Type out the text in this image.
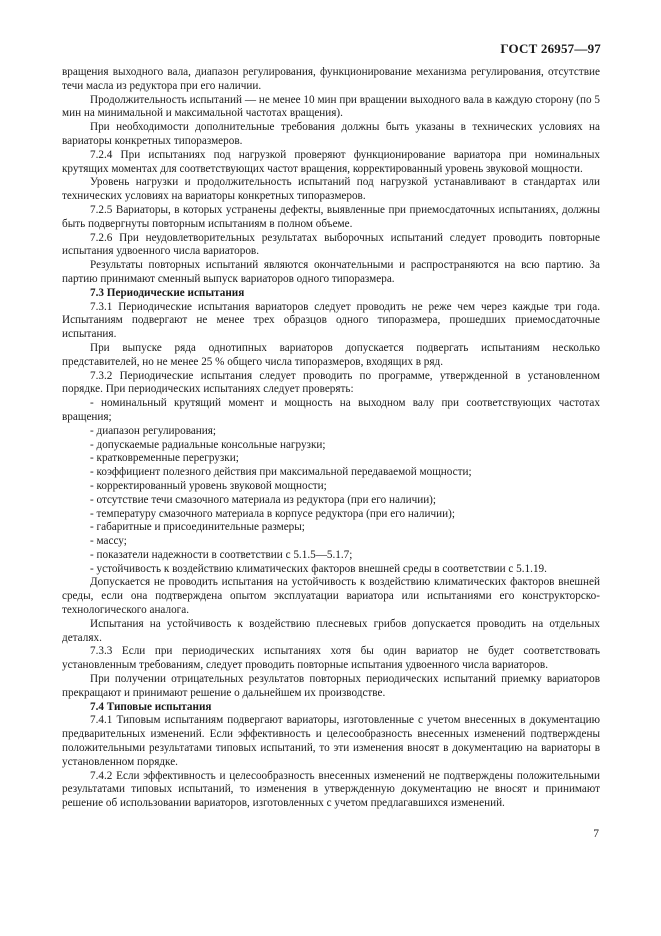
ГОСТ 26957—97

вращения выходного вала, диапазон регулирования, функционирование механизма регулирования, отсутствие течи масла из редуктора при его наличии.

Продолжительность испытаний — не менее 10 мин при вращении выходного вала в каждую сторону (по 5 мин на минимальной и максимальной частотах вращения).

При необходимости дополнительные требования должны быть указаны в технических условиях на вариаторы конкретных типоразмеров.

7.2.4 При испытаниях под нагрузкой проверяют функционирование вариатора при номинальных крутящих моментах для соответствующих частот вращения, корректированный уровень звуковой мощности.

Уровень нагрузки и продолжительность испытаний под нагрузкой устанавливают в стандартах или технических условиях на вариаторы конкретных типоразмеров.

7.2.5 Вариаторы, в которых устранены дефекты, выявленные при приемосдаточных испытаниях, должны быть подвергнуты повторным испытаниям в полном объеме.

7.2.6 При неудовлетворительных результатах выборочных испытаний следует проводить повторные испытания удвоенного числа вариаторов.

Результаты повторных испытаний являются окончательными и распространяются на всю партию. За партию принимают сменный выпуск вариаторов одного типоразмера.

7.3 Периодические испытания

7.3.1 Периодические испытания вариаторов следует проводить не реже чем через каждые три года. Испытаниям подвергают не менее трех образцов одного типоразмера, прошедших приемосдаточные испытания.

При выпуске ряда однотипных вариаторов допускается подвергать испытаниям несколько представителей, но не менее 25 % общего числа типоразмеров, входящих в ряд.

7.3.2 Периодические испытания следует проводить по программе, утвержденной в установленном порядке. При периодических испытаниях следует проверять:

- номинальный крутящий момент и мощность на выходном валу при соответствующих частотах вращения;

- диапазон регулирования;

- допускаемые радиальные консольные нагрузки;

- кратковременные перегрузки;

- коэффициент полезного действия при максимальной передаваемой мощности;

- корректированный уровень звуковой мощности;

- отсутствие течи смазочного материала из редуктора (при его наличии);

- температуру смазочного материала в корпусе редуктора (при его наличии);

- габаритные и присоединительные размеры;

- массу;

- показатели надежности в соответствии с 5.1.5—5.1.7;

- устойчивость к воздействию климатических факторов внешней среды в соответствии с 5.1.19.

Допускается не проводить испытания на устойчивость к воздействию климатических факторов внешней среды, если она подтверждена опытом эксплуатации вариатора или испытаниями его конструкторско-технологического аналога.

Испытания на устойчивость к воздействию плесневых грибов допускается проводить на отдельных деталях.

7.3.3 Если при периодических испытаниях хотя бы один вариатор не будет соответствовать установленным требованиям, следует проводить повторные испытания удвоенного числа вариаторов.

При получении отрицательных результатов повторных периодических испытаний приемку вариаторов прекращают и принимают решение о дальнейшем их производстве.

7.4 Типовые испытания

7.4.1 Типовым испытаниям подвергают вариаторы, изготовленные с учетом внесенных в документацию предварительных изменений. Если эффективность и целесообразность внесенных изменений подтверждены положительными результатами типовых испытаний, то эти изменения вносят в документацию на вариаторы в установленном порядке.

7.4.2 Если эффективность и целесообразность внесенных изменений не подтверждены положительными результатами типовых испытаний, то изменения в утвержденную документацию не вносят и принимают решение об использовании вариаторов, изготовленных с учетом предлагавшихся изменений.

7
